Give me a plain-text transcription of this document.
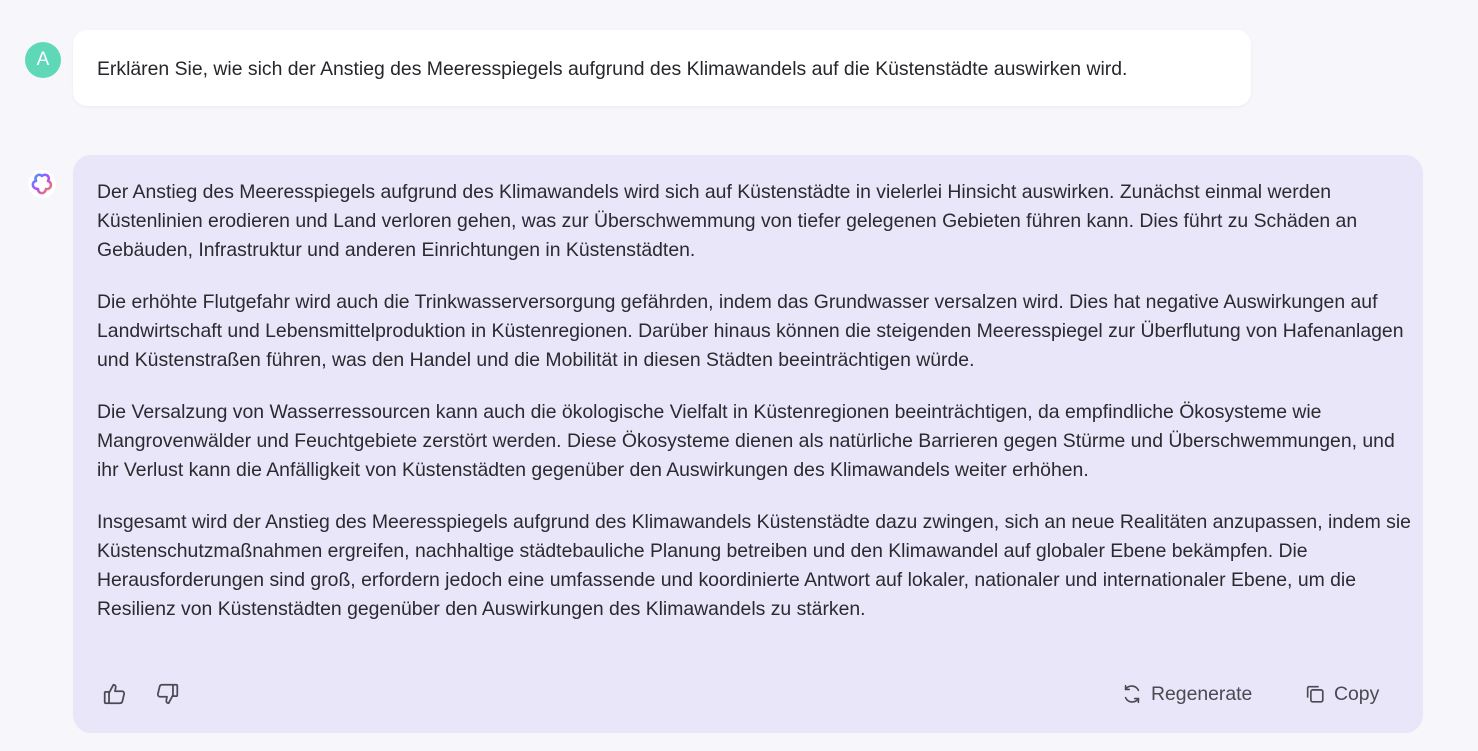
A	Erklären Sie, wie sich der Anstieg des Meeresspiegels aufgrund des Klimawandels auf die Küstenstädte auswirken wird.

Der Anstieg des Meeresspiegels aufgrund des Klimawandels wird sich auf Küstenstädte in vielerlei Hinsicht auswirken. Zunächst einmal werden Küstenlinien erodieren und Land verloren gehen, was zur Überschwemmung von tiefer gelegenen Gebieten führen kann. Dies führt zu Schäden an Gebäuden, Infrastruktur und anderen Einrichtungen in Küstenstädten.

Die erhöhte Flutgefahr wird auch die Trinkwasserversorgung gefährden, indem das Grundwasser versalzen wird. Dies hat negative Auswirkungen auf Landwirtschaft und Lebensmittelproduktion in Küstenregionen. Darüber hinaus können die steigenden Meeresspiegel zur Überflutung von Hafenanlagen und Küstenstraßen führen, was den Handel und die Mobilität in diesen Städten beeinträchtigen würde.

Die Versalzung von Wasserressourcen kann auch die ökologische Vielfalt in Küstenregionen beeinträchtigen, da empfindliche Ökosysteme wie Mangrovenwälder und Feuchtgebiete zerstört werden. Diese Ökosysteme dienen als natürliche Barrieren gegen Stürme und Überschwemmungen, und ihr Verlust kann die Anfälligkeit von Küstenstädten gegenüber den Auswirkungen des Klimawandels weiter erhöhen.

Insgesamt wird der Anstieg des Meeresspiegels aufgrund des Klimawandels Küstenstädte dazu zwingen, sich an neue Realitäten anzupassen, indem sie Küstenschutzmaßnahmen ergreifen, nachhaltige städtebauliche Planung betreiben und den Klimawandel auf globaler Ebene bekämpfen. Die Herausforderungen sind groß, erfordern jedoch eine umfassende und koordinierte Antwort auf lokaler, nationaler und internationaler Ebene, um die Resilienz von Küstenstädten gegenüber den Auswirkungen des Klimawandels zu stärken.

Regenerate	Copy
